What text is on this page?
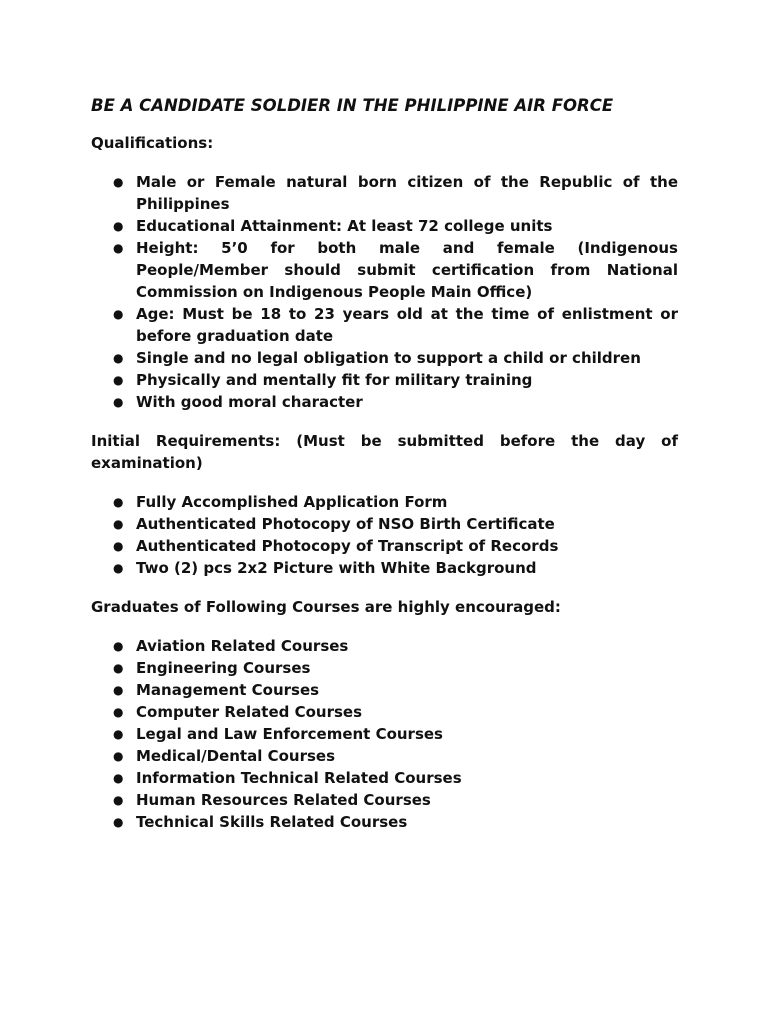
BE A CANDIDATE SOLDIER IN THE PHILIPPINE AIR FORCE
Qualifications:
● Male or Female natural born citizen of the Republic of the Philippines
● Educational Attainment: At least 72 college units
● Height: 5’0 for both male and female (Indigenous People/Member should submit certification from National Commission on Indigenous People Main Office)
● Age: Must be 18 to 23 years old at the time of enlistment or before graduation date
● Single and no legal obligation to support a child or children
● Physically and mentally fit for military training
● With good moral character
Initial Requirements: (Must be submitted before the day of examination)
● Fully Accomplished Application Form
● Authenticated Photocopy of NSO Birth Certificate
● Authenticated Photocopy of Transcript of Records
● Two (2) pcs 2x2 Picture with White Background
Graduates of Following Courses are highly encouraged:
● Aviation Related Courses
● Engineering Courses
● Management Courses
● Computer Related Courses
● Legal and Law Enforcement Courses
● Medical/Dental Courses
● Information Technical Related Courses
● Human Resources Related Courses
● Technical Skills Related Courses
